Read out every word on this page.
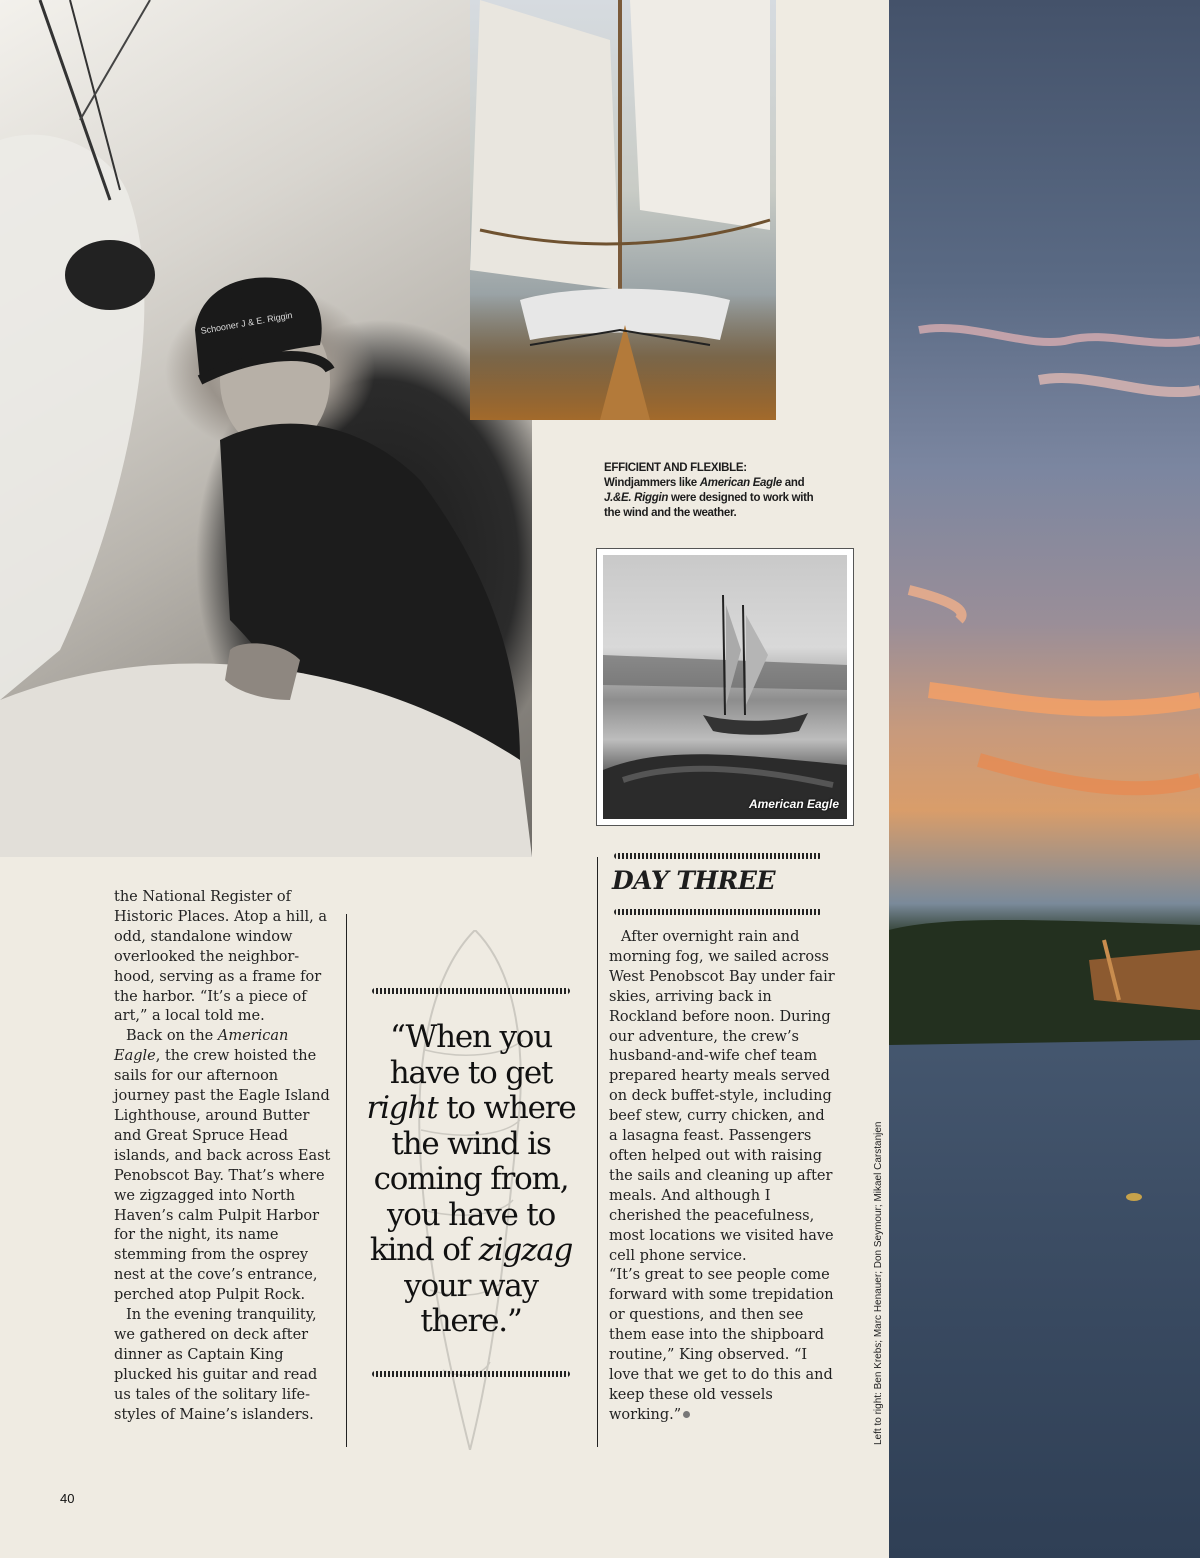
Schooner J & E. Riggin
EFFICIENT AND FLEXIBLE:
Windjammers like American Eagle and
J.&E. Riggin were designed to work with
the wind and the weather.
American Eagle

the National Register of Historic Places. Atop a hill, a odd, standalone window overlooked the neighbor-hood, serving as a frame for the harbor. “It’s a piece of art,” a local told me.

Back on the American Eagle, the crew hoisted the sails for our afternoon journey past the Eagle Island Lighthouse, around Butter and Great Spruce Head islands, and back across East Penobscot Bay. That’s where we zigzagged into North Haven’s calm Pulpit Harbor for the night, its name stemming from the osprey nest at the cove’s entrance, perched atop Pulpit Rock.

In the evening tranquility, we gathered on deck after dinner as Captain King plucked his guitar and read us tales of the solitary life-styles of Maine’s islanders.

“When you have to get right to where the wind is coming from, you have to kind of zigzag your way there.”
DAY THREE

After overnight rain and morning fog, we sailed across West Penobscot Bay under fair skies, arriving back in Rockland before noon. During our adventure, the crew’s husband-and-wife chef team prepared hearty meals served on deck buffet-style, including beef stew, curry chicken, and a lasagna feast. Passengers often helped out with raising the sails and cleaning up after meals. And although I cherished the peacefulness, most locations we visited have cell phone service.

“It’s great to see people come forward with some trepidation or questions, and then see them ease into the shipboard routine,” King observed. “I love that we get to do this and keep these old vessels working.”	Left to right: Ben Krebs; Marc Henauer; Don Seymour; Mikael Carstanjen
40
